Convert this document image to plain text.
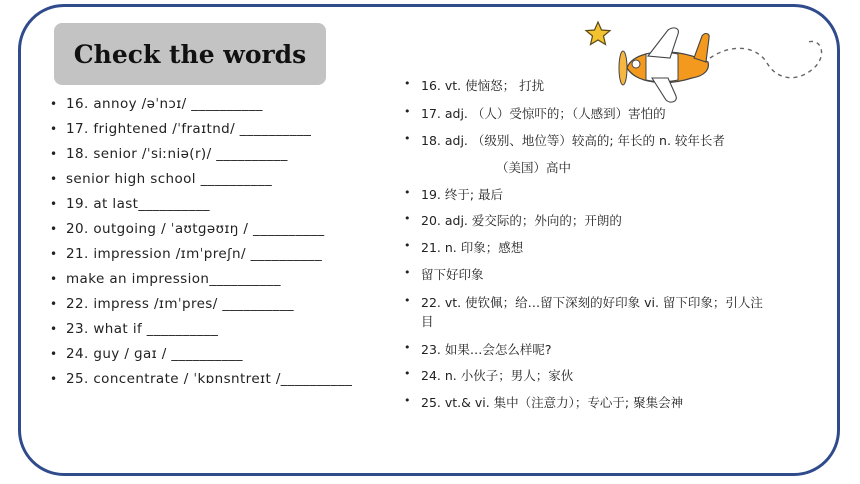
Check the words
• 16. annoy /əˈnɔɪ/ __________
• 17. frightened /ˈfraɪtnd/ __________
• 18. senior /ˈsiːniə(r)/ __________
• senior high school __________
• 19. at last__________
• 20. outgoing / ˈaʊtɡəʊɪŋ / __________
• 21. impression /ɪmˈpreʃn/ __________
• make an impression__________
• 22. impress /ɪmˈpres/ __________
• 23. what if __________
• 24. guy / ɡaɪ / __________
• 25. concentrate / ˈkɒnsntreɪt /__________
• 16. vt. 使恼怒； 打扰
• 17. adj. （人）受惊吓的；（人感到）害怕的
• 18. adj. （级别、地位等）较高的; 年长的 n. 较年长者
（美国）高中
• 19. 终于; 最后
• 20. adj. 爱交际的；外向的；开朗的
• 21. n. 印象；感想
• 留下好印象
• 22. vt. 使钦佩；给…留下深刻的好印象 vi. 留下印象；引人注
目
• 23. 如果…会怎么样呢?
• 24. n. 小伙子；男人；家伙
• 25. vt.& vi. 集中（注意力）；专心于; 聚集会神
